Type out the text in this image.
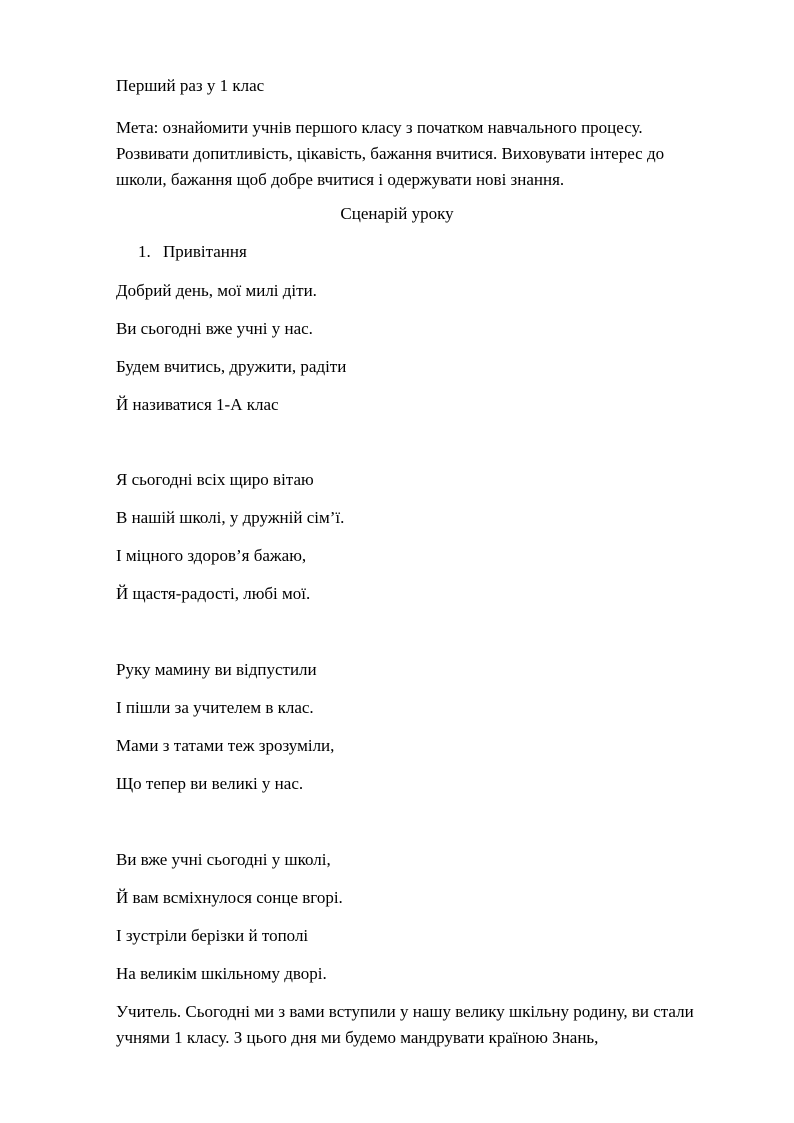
Перший раз у 1 клас
Мета: ознайомити учнів першого класу з початком навчального процесу. Розвивати допитливість, цікавість, бажання вчитися. Виховувати інтерес до школи, бажання щоб добре вчитися і одержувати нові знання.
Сценарій уроку
1. Привітання
Добрий день, мої милі діти.
Ви сьогодні вже учні у нас.
Будем вчитись, дружити, радіти
Й називатися 1-А клас
Я сьогодні всіх щиро вітаю
В нашій школі, у дружній сім’ї.
І міцного здоров’я бажаю,
Й щастя-радості, любі мої.
Руку мамину ви відпустили
І пішли за учителем в клас.
Мами з татами теж зрозуміли,
Що тепер ви великі у нас.
Ви вже учні сьогодні у школі,
Й вам всміхнулося сонце вгорі.
І зустріли берізки й тополі
На великім шкільному дворі.
Учитель. Сьогодні ми з вами вступили у нашу велику шкільну родину, ви стали учнями 1 класу. З цього дня ми будемо мандрувати країною Знань,
